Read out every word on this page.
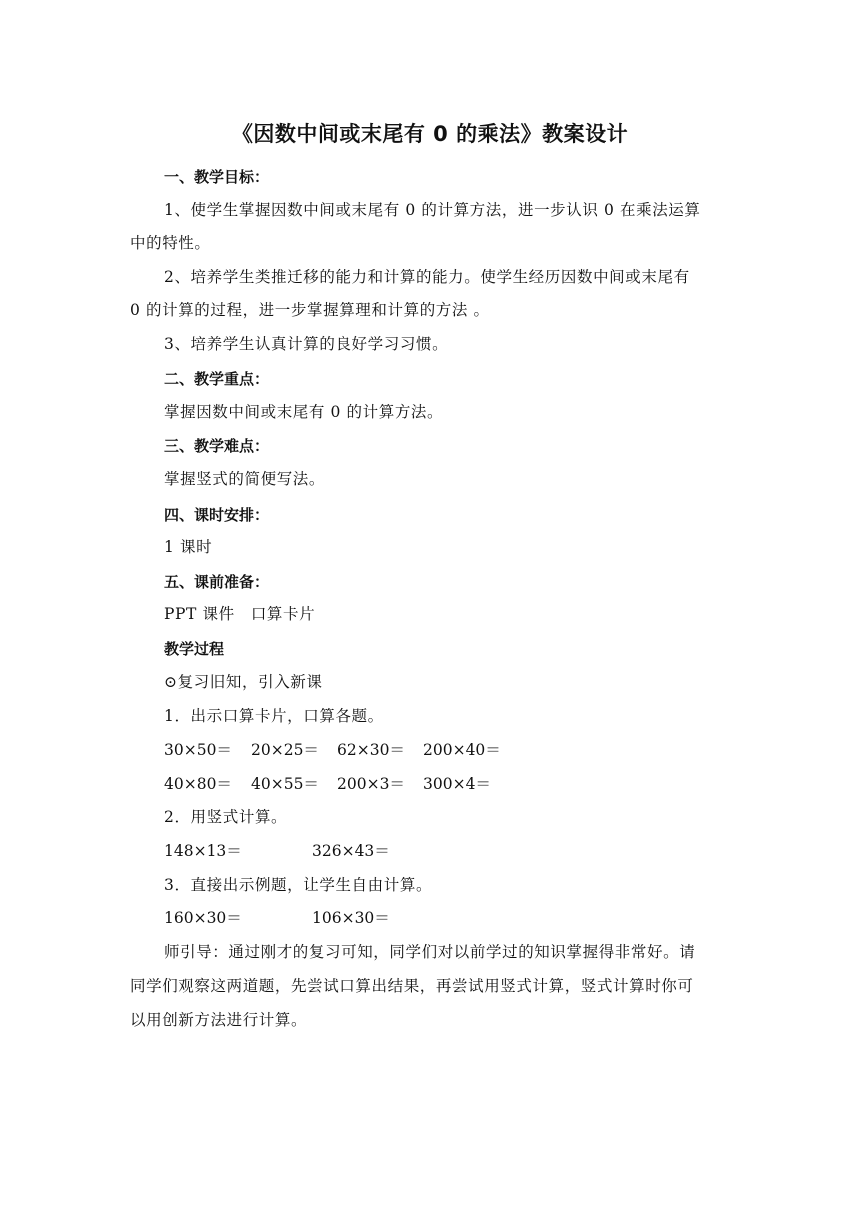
《因数中间或末尾有 0 的乘法》教案设计
一、教学目标：
1、使学生掌握因数中间或末尾有 0 的计算方法，进一步认识 0 在乘法运算
中的特性。
2、培养学生类推迁移的能力和计算的能力。使学生经历因数中间或末尾有
0 的计算的过程，进一步掌握算理和计算的方法 。
3、培养学生认真计算的良好学习习惯。
二、教学重点：
掌握因数中间或末尾有 0 的计算方法。
三、教学难点：
掌握竖式的简便写法。
四、课时安排：
1 课时
五、课前准备：
PPT 课件　口算卡片
教学过程
⊙复习旧知，引入新课
1．出示口算卡片，口算各题。
30×50＝ 20×25＝ 62×30＝ 200×40＝
40×80＝ 40×55＝ 200×3＝ 300×4＝
2．用竖式计算。
148×13＝	326×43＝
3．直接出示例题，让学生自由计算。
160×30＝	106×30＝
师引导：通过刚才的复习可知，同学们对以前学过的知识掌握得非常好。请
同学们观察这两道题，先尝试口算出结果，再尝试用竖式计算，竖式计算时你可
以用创新方法进行计算。
